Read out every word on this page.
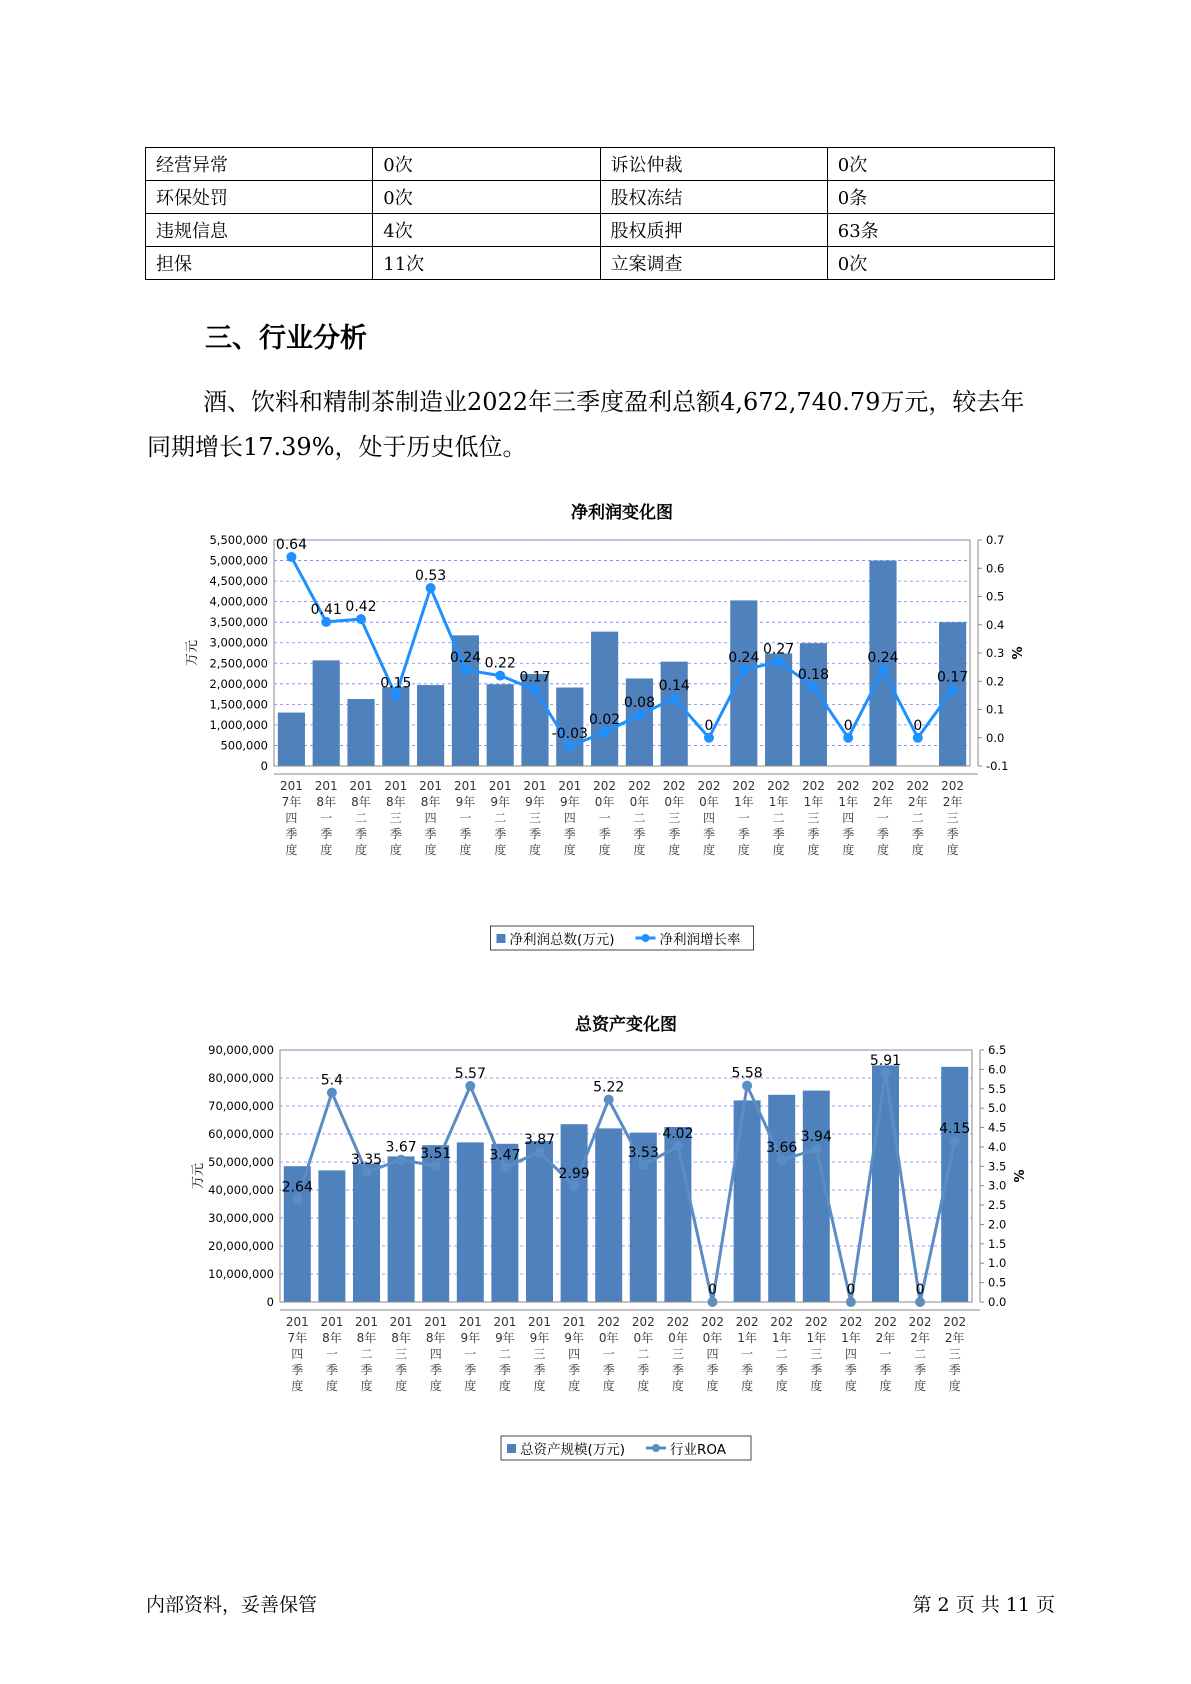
经营异常	0次	诉讼仲裁	0次
环保处罚	0次	股权冻结	0条
违规信息	4次	股权质押	63条
担保	11次	立案调查	0次
三、行业分析

酒、饮料和精制茶制造业2022年三季度盈利总额4,672,740.79万元，较去年同期增长17.39%，处于历史低位。

净利润变化图
0
500,000
1,000,000
1,500,000
2,000,000
2,500,000
3,000,000
3,500,000
4,000,000
4,500,000
5,000,000
5,500,000
-0.1
0.0
0.1
0.2
0.3
0.4
0.5
0.6
0.7
万元	%
0.64
0.41 0.42
0.15
0.53
0.24 0.22
0.17
-0.03
0.02
0.08
0.14
0
0.24
0.27
0.18
0
0.24
0
0.17
201 7年四季度
201 8年一季度
201 8年二季度
201 8年三季度
201 8年四季度
201 9年一季度
201 9年二季度
201 9年三季度
201 9年四季度
202 0年一季度
202 0年二季度
202 0年三季度
202 0年四季度
202 1年一季度
202 1年二季度
202 1年三季度
202 1年四季度
202 2年一季度
202 2年二季度
202 2年三季度
净利润总数(万元)	净利润增长率
总资产变化图
0
10,000,000
20,000,000
30,000,000
40,000,000
50,000,000
60,000,000
70,000,000
80,000,000
90,000,000
0.0
0.5
1.0
1.5
2.0
2.5
3.0
3.5
4.0
4.5
5.0
5.5
6.0
6.5
万元	%
2.64
5.4
3.35
3.67 3.51
5.57
3.47
3.87
2.99
5.22
3.53
4.02
0
5.58
3.66
3.94
0
5.91
0
4.15
201 7年四季度
201 8年一季度
201 8年二季度
201 8年三季度
201 8年四季度
201 9年一季度
201 9年二季度
201 9年三季度
201 9年四季度
202 0年一季度
202 0年二季度
202 0年三季度
202 0年四季度
202 1年一季度
202 1年二季度
202 1年三季度
202 1年四季度
202 2年一季度
202 2年二季度
202 2年三季度
总资产规模(万元)	行业ROA
内部资料，妥善保管	第 2 页 共 11 页
